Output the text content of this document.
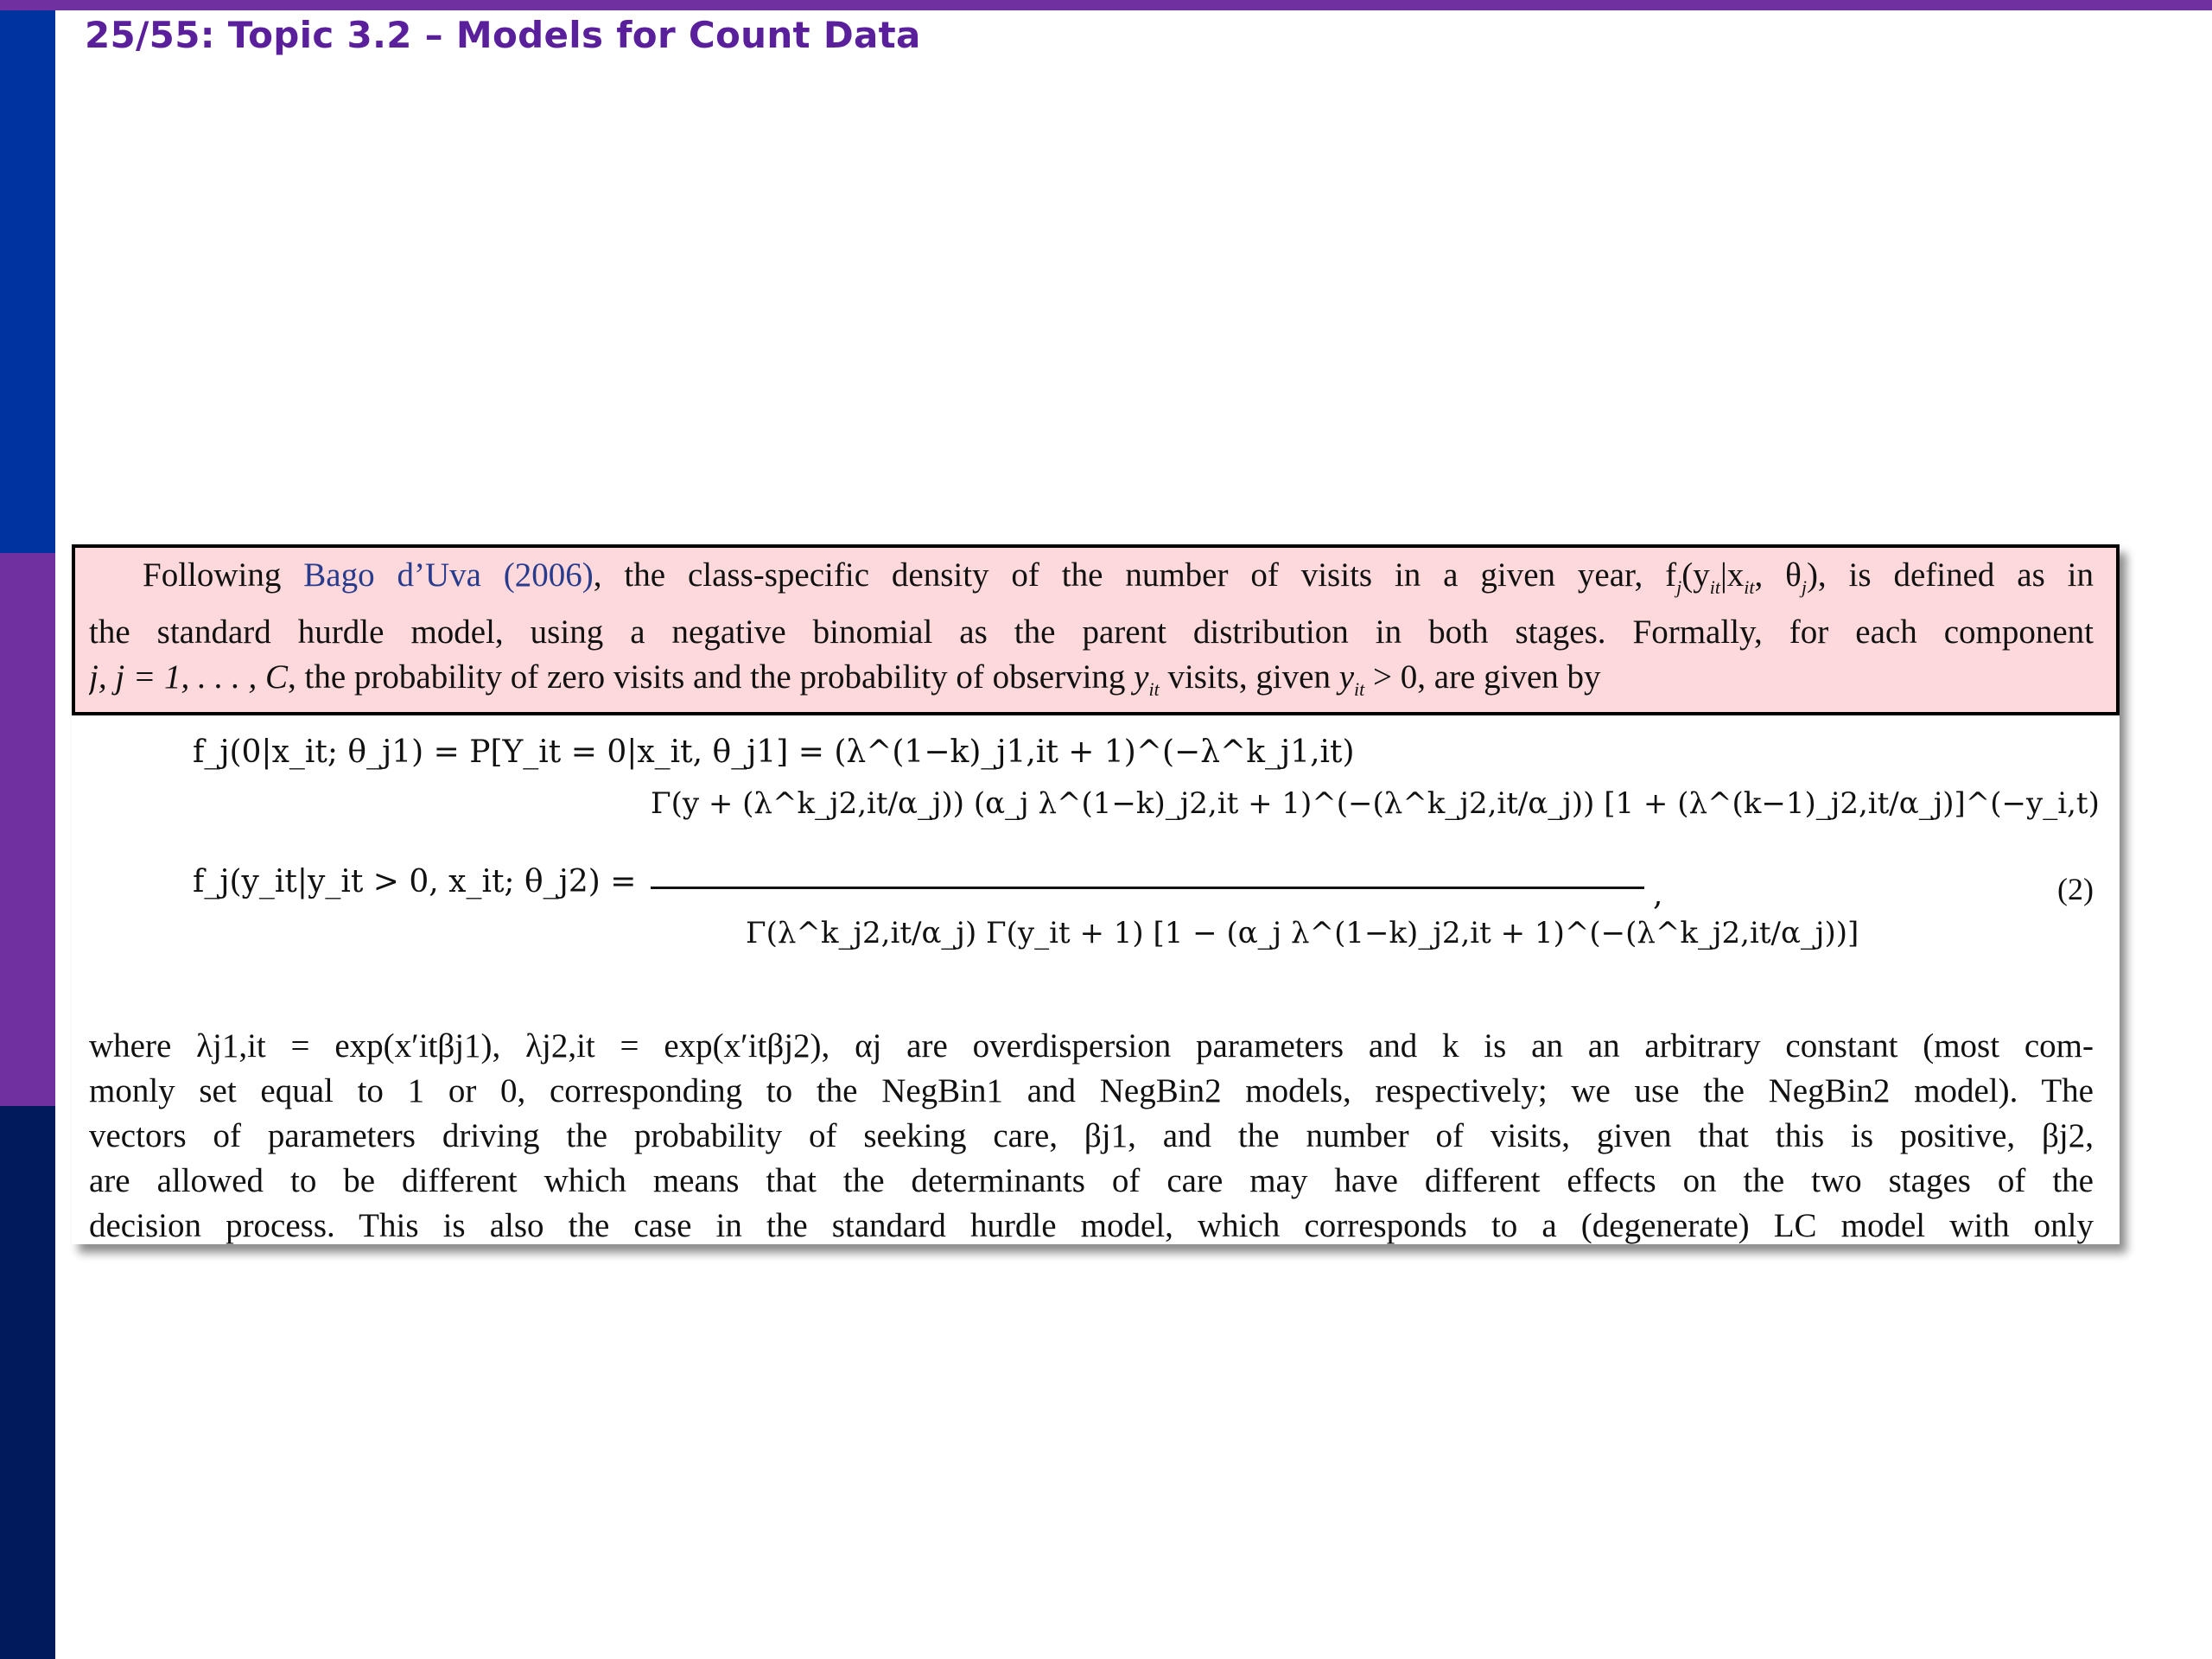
25/55: Topic 3.2 – Models for Count Data
Following Bago d’Uva (2006), the class-specific density of the number of visits in a given year, $f_j(y_{it}|x_{it}$, $\theta_j$), is defined as in
the standard hurdle model, using a negative binomial as the parent distribution in both stages. Formally, for each component
j, j = 1, . . . , C, the probability of zero visits and the probability of observing $y_{it}$ visits, given $y_{it} > 0$, are given by
f_j(0|x_it; θ_j1) = P[Y_it = 0|x_it, θ_j1] = (λ^(1−k)_j1,it + 1)^(−λ^k_j1,it)
f_j(y_it|y_it > 0, x_it; θ_j2) =
Γ(y + (λ^k_j2,it/α_j)) (α_j λ^(1−k)_j2,it + 1)^(−(λ^k_j2,it/α_j)) [1 + (λ^(k−1)_j2,it/α_j)]^(−y_i,t)
Γ(λ^k_j2,it/α_j) Γ(y_it + 1) [1 − (α_j λ^(1−k)_j2,it + 1)^(−(λ^k_j2,it/α_j))]
,	(2)
where λj1,it = exp(x′itβj1), λj2,it = exp(x′itβj2), αj are overdispersion parameters and k is an an arbitrary constant (most com-
monly set equal to 1 or 0, corresponding to the NegBin1 and NegBin2 models, respectively; we use the NegBin2 model). The
vectors of parameters driving the probability of seeking care, βj1, and the number of visits, given that this is positive, βj2,
are allowed to be different which means that the determinants of care may have different effects on the two stages of the
decision process. This is also the case in the standard hurdle model, which corresponds to a (degenerate) LC model with only
